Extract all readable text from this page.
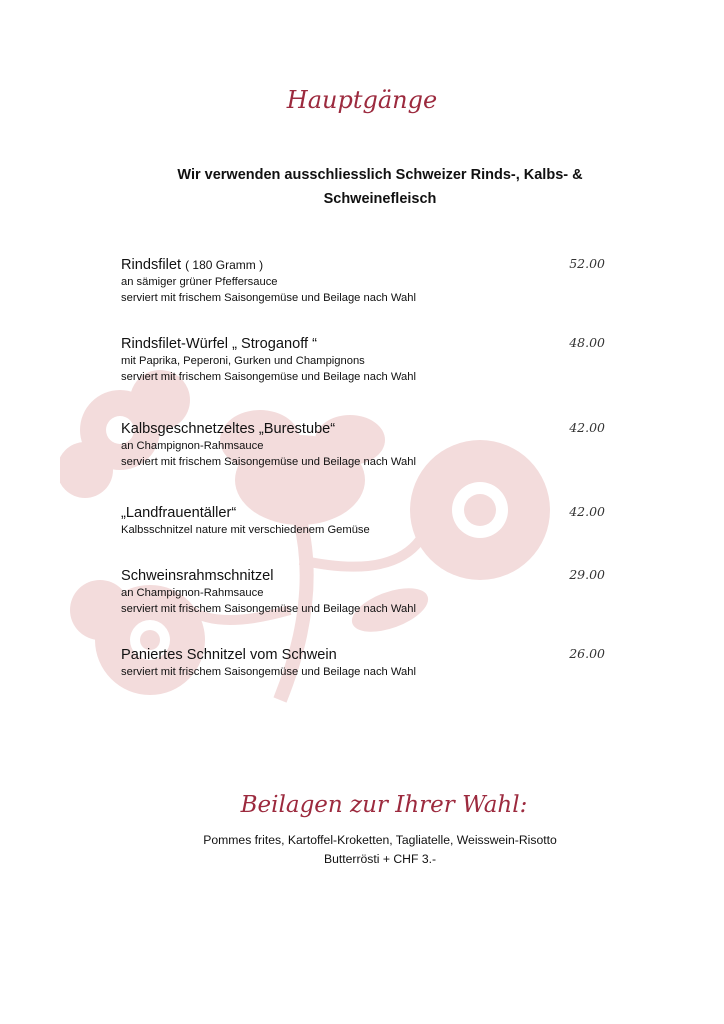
Hauptgänge
Wir verwenden ausschliesslich Schweizer Rinds-, Kalbs- & Schweinefleisch
Rindsfilet ( 180 Gramm )
an sämiger grüner Pfeffersauce
serviert mit frischem Saisongemüse und Beilage nach Wahl
52.00
Rindsfilet-Würfel „ Stroganoff “
mit Paprika, Peperoni, Gurken und Champignons
serviert mit frischem Saisongemüse und Beilage nach Wahl
48.00
Kalbsgeschnetzeltes „Burestube“
an Champignon-Rahmsauce
serviert mit frischem Saisongemüse und Beilage nach Wahl
42.00
„Landfrauentäller“
Kalbsschnitzel nature mit verschiedenem Gemüse
42.00
Schweinsrahmschnitzel
an Champignon-Rahmsauce
serviert mit frischem Saisongemüse und Beilage nach Wahl
29.00
Paniertes Schnitzel vom Schwein
serviert mit frischem Saisongemüse und Beilage nach Wahl
26.00
Beilagen zur Ihrer Wahl:
Pommes frites, Kartoffel-Kroketten, Tagliatelle, Weisswein-Risotto
Butterrösti + CHF 3.-
